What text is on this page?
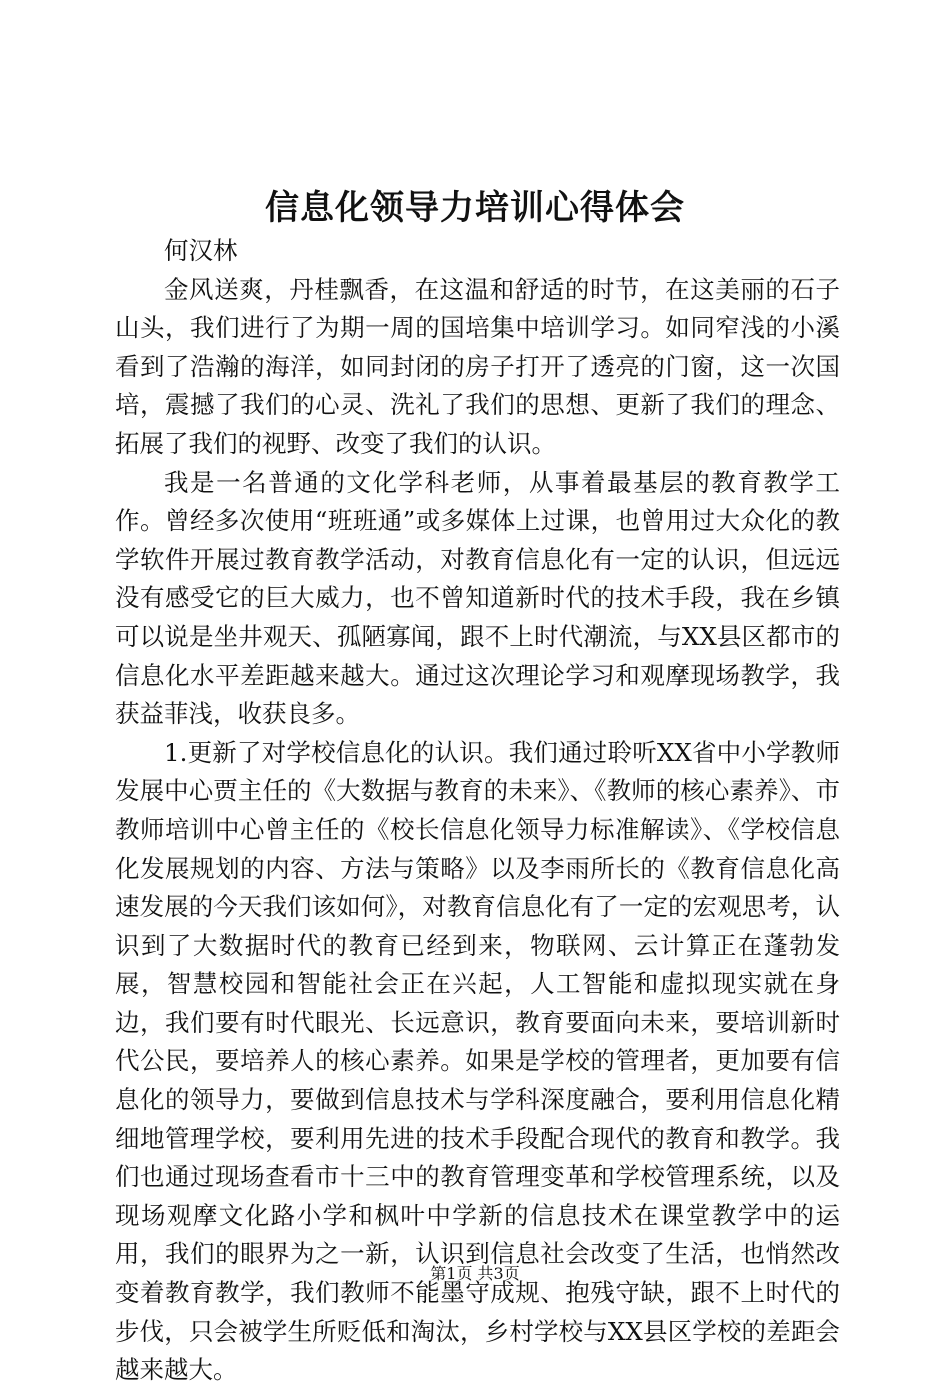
信息化领导力培训心得体会

何汉林

金风送爽，丹桂飘香，在这温和舒适的时节，在这美丽的石子山头，我们进行了为期一周的国培集中培训学习。如同窄浅的小溪看到了浩瀚的海洋，如同封闭的房子打开了透亮的门窗，这一次国培，震撼了我们的心灵、洗礼了我们的思想、更新了我们的理念、拓展了我们的视野、改变了我们的认识。

我是一名普通的文化学科老师，从事着最基层的教育教学工作。曾经多次使用“班班通”或多媒体上过课，也曾用过大众化的教学软件开展过教育教学活动，对教育信息化有一定的认识，但远远没有感受它的巨大威力，也不曾知道新时代的技术手段，我在乡镇可以说是坐井观天、孤陋寡闻，跟不上时代潮流，与XX县区都市的信息化水平差距越来越大。通过这次理论学习和观摩现场教学，我获益菲浅，收获良多。

1.更新了对学校信息化的认识。我们通过聆听XX省中小学教师发展中心贾主任的《大数据与教育的未来》、《教师的核心素养》、市教师培训中心曾主任的《校长信息化领导力标准解读》、《学校信息化发展规划的内容、方法与策略》以及李雨所长的《教育信息化高速发展的今天我们该如何》，对教育信息化有了一定的宏观思考，认识到了大数据时代的教育已经到来，物联网、云计算正在蓬勃发展，智慧校园和智能社会正在兴起，人工智能和虚拟现实就在身边，我们要有时代眼光、长远意识，教育要面向未来，要培训新时代公民，要培养人的核心素养。如果是学校的管理者，更加要有信息化的领导力，要做到信息技术与学科深度融合，要利用信息化精细地管理学校，要利用先进的技术手段配合现代的教育和教学。我们也通过现场查看市十三中的教育管理变革和学校管理系统，以及现场观摩文化路小学和枫叶中学新的信息技术在课堂教学中的运用，我们的眼界为之一新，认识到信息社会改变了生活，也悄然改变着教育教学，我们教师不能墨守成规、抱残守缺，跟不上时代的步伐，只会被学生所贬低和淘汰，乡村学校与XX县区学校的差距会越来越大。

第1页 共3页
